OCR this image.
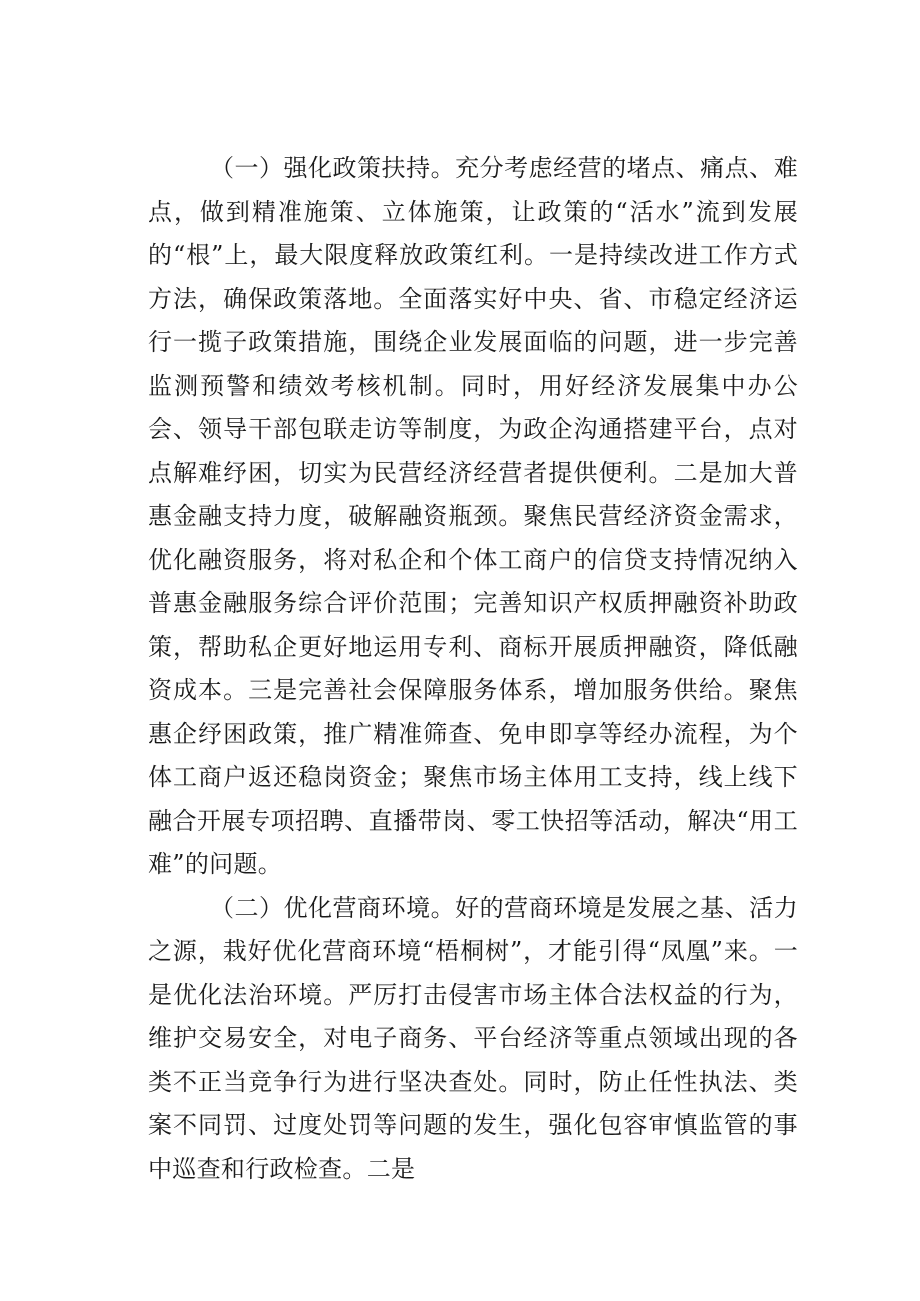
（一）强化政策扶持。充分考虑经营的堵点、痛点、难点，做到精准施策、立体施策，让政策的“活水”流到发展的“根”上，最大限度释放政策红利。一是持续改进工作方式方法，确保政策落地。全面落实好中央、省、市稳定经济运行一揽子政策措施，围绕企业发展面临的问题，进一步完善监测预警和绩效考核机制。同时，用好经济发展集中办公会、领导干部包联走访等制度，为政企沟通搭建平台，点对点解难纾困，切实为民营经济经营者提供便利。二是加大普惠金融支持力度，破解融资瓶颈。聚焦民营经济资金需求，优化融资服务，将对私企和个体工商户的信贷支持情况纳入普惠金融服务综合评价范围；完善知识产权质押融资补助政策，帮助私企更好地运用专利、商标开展质押融资，降低融资成本。三是完善社会保障服务体系，增加服务供给。聚焦惠企纾困政策，推广精准筛查、免申即享等经办流程，为个体工商户返还稳岗资金；聚焦市场主体用工支持，线上线下融合开展专项招聘、直播带岗、零工快招等活动，解决“用工难”的问题。

（二）优化营商环境。好的营商环境是发展之基、活力之源，栽好优化营商环境“梧桐树”，才能引得“凤凰”来。一是优化法治环境。严厉打击侵害市场主体合法权益的行为，维护交易安全，对电子商务、平台经济等重点领域出现的各类不正当竞争行为进行坚决查处。同时，防止任性执法、类案不同罚、过度处罚等问题的发生，强化包容审慎监管的事中巡查和行政检查。二是
